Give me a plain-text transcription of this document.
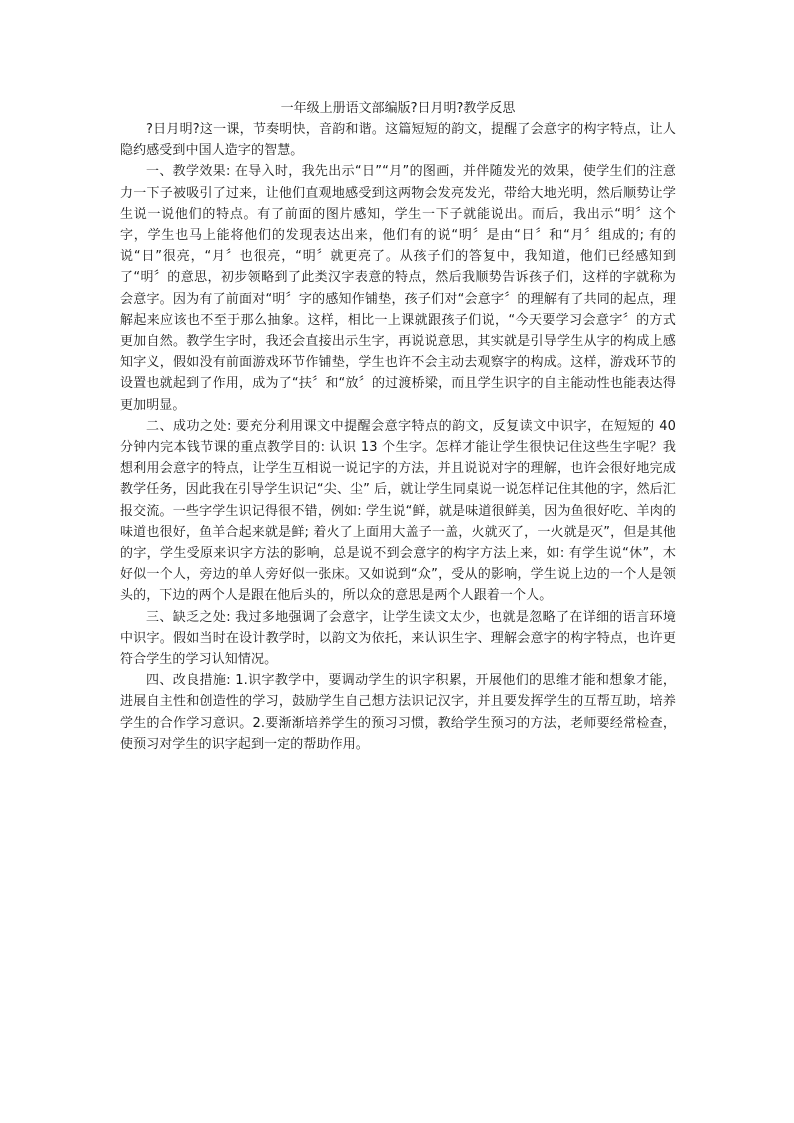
一年级上册语文部编版?日月明?教学反思

?日月明?这一课，节奏明快，音韵和谐。这篇短短的韵文，提醒了会意字的构字特点，让人隐约感受到中国人造字的智慧。

一、教学效果: 在导入时，我先出示“日”“月”的图画，并伴随发光的效果，使学生们的注意力一下子被吸引了过来，让他们直观地感受到这两物会发亮发光，带给大地光明，然后顺势让学生说一说他们的特点。有了前面的图片感知，学生一下子就能说出。而后，我出示“明〞这个字，学生也马上能将他们的发现表达出来，他们有的说“明〞是由“日〞和“月〞组成的; 有的说“日”很亮，“月〞也很亮，“明〞就更亮了。从孩子们的答复中，我知道，他们已经感知到了“明〞的意思，初步领略到了此类汉字表意的特点，然后我顺势告诉孩子们，这样的字就称为会意字。因为有了前面对“明〞字的感知作铺垫，孩子们对“会意字〞的理解有了共同的起点，理解起来应该也不至于那么抽象。这样，相比一上课就跟孩子们说，“今天要学习会意字〞的方式更加自然。教学生字时，我还会直接出示生字，再说说意思，其实就是引导学生从字的构成上感知字义，假如没有前面游戏环节作铺垫，学生也许不会主动去观察字的构成。这样，游戏环节的设置也就起到了作用，成为了“扶〞和“放〞的过渡桥梁，而且学生识字的自主能动性也能表达得更加明显。

二、成功之处: 要充分利用课文中提醒会意字特点的韵文，反复读文中识字，在短短的 40 分钟内完本钱节课的重点教学目的: 认识 13 个生字。怎样才能让学生很快记住这些生字呢？我想利用会意字的特点，让学生互相说一说记字的方法，并且说说对字的理解，也许会很好地完成教学任务，因此我在引导学生识记“尖、尘” 后，就让学生同桌说一说怎样记住其他的字，然后汇报交流。一些字学生识记得很不错，例如: 学生说“鲜，就是味道很鲜美，因为鱼很好吃、羊肉的味道也很好，鱼羊合起来就是鲜; 着火了上面用大盖子一盖，火就灭了，一火就是灭”，但是其他的字，学生受原来识字方法的影响，总是说不到会意字的构字方法上来，如: 有学生说“休”，木好似一个人，旁边的单人旁好似一张床。又如说到“众”，受从的影响，学生说上边的一个人是领头的，下边的两个人是跟在他后头的，所以众的意思是两个人跟着一个人。

三、缺乏之处: 我过多地强调了会意字，让学生读文太少，也就是忽略了在详细的语言环境中识字。假如当时在设计教学时，以韵文为依托，来认识生字、理解会意字的构字特点，也许更符合学生的学习认知情况。

四、改良措施: 1.识字教学中，要调动学生的识字积累，开展他们的思维才能和想象才能，进展自主性和创造性的学习，鼓励学生自己想方法识记汉字，并且要发挥学生的互帮互助，培养学生的合作学习意识。2.要渐渐培养学生的预习习惯，教给学生预习的方法，老师要经常检查，使预习对学生的识字起到一定的帮助作用。
